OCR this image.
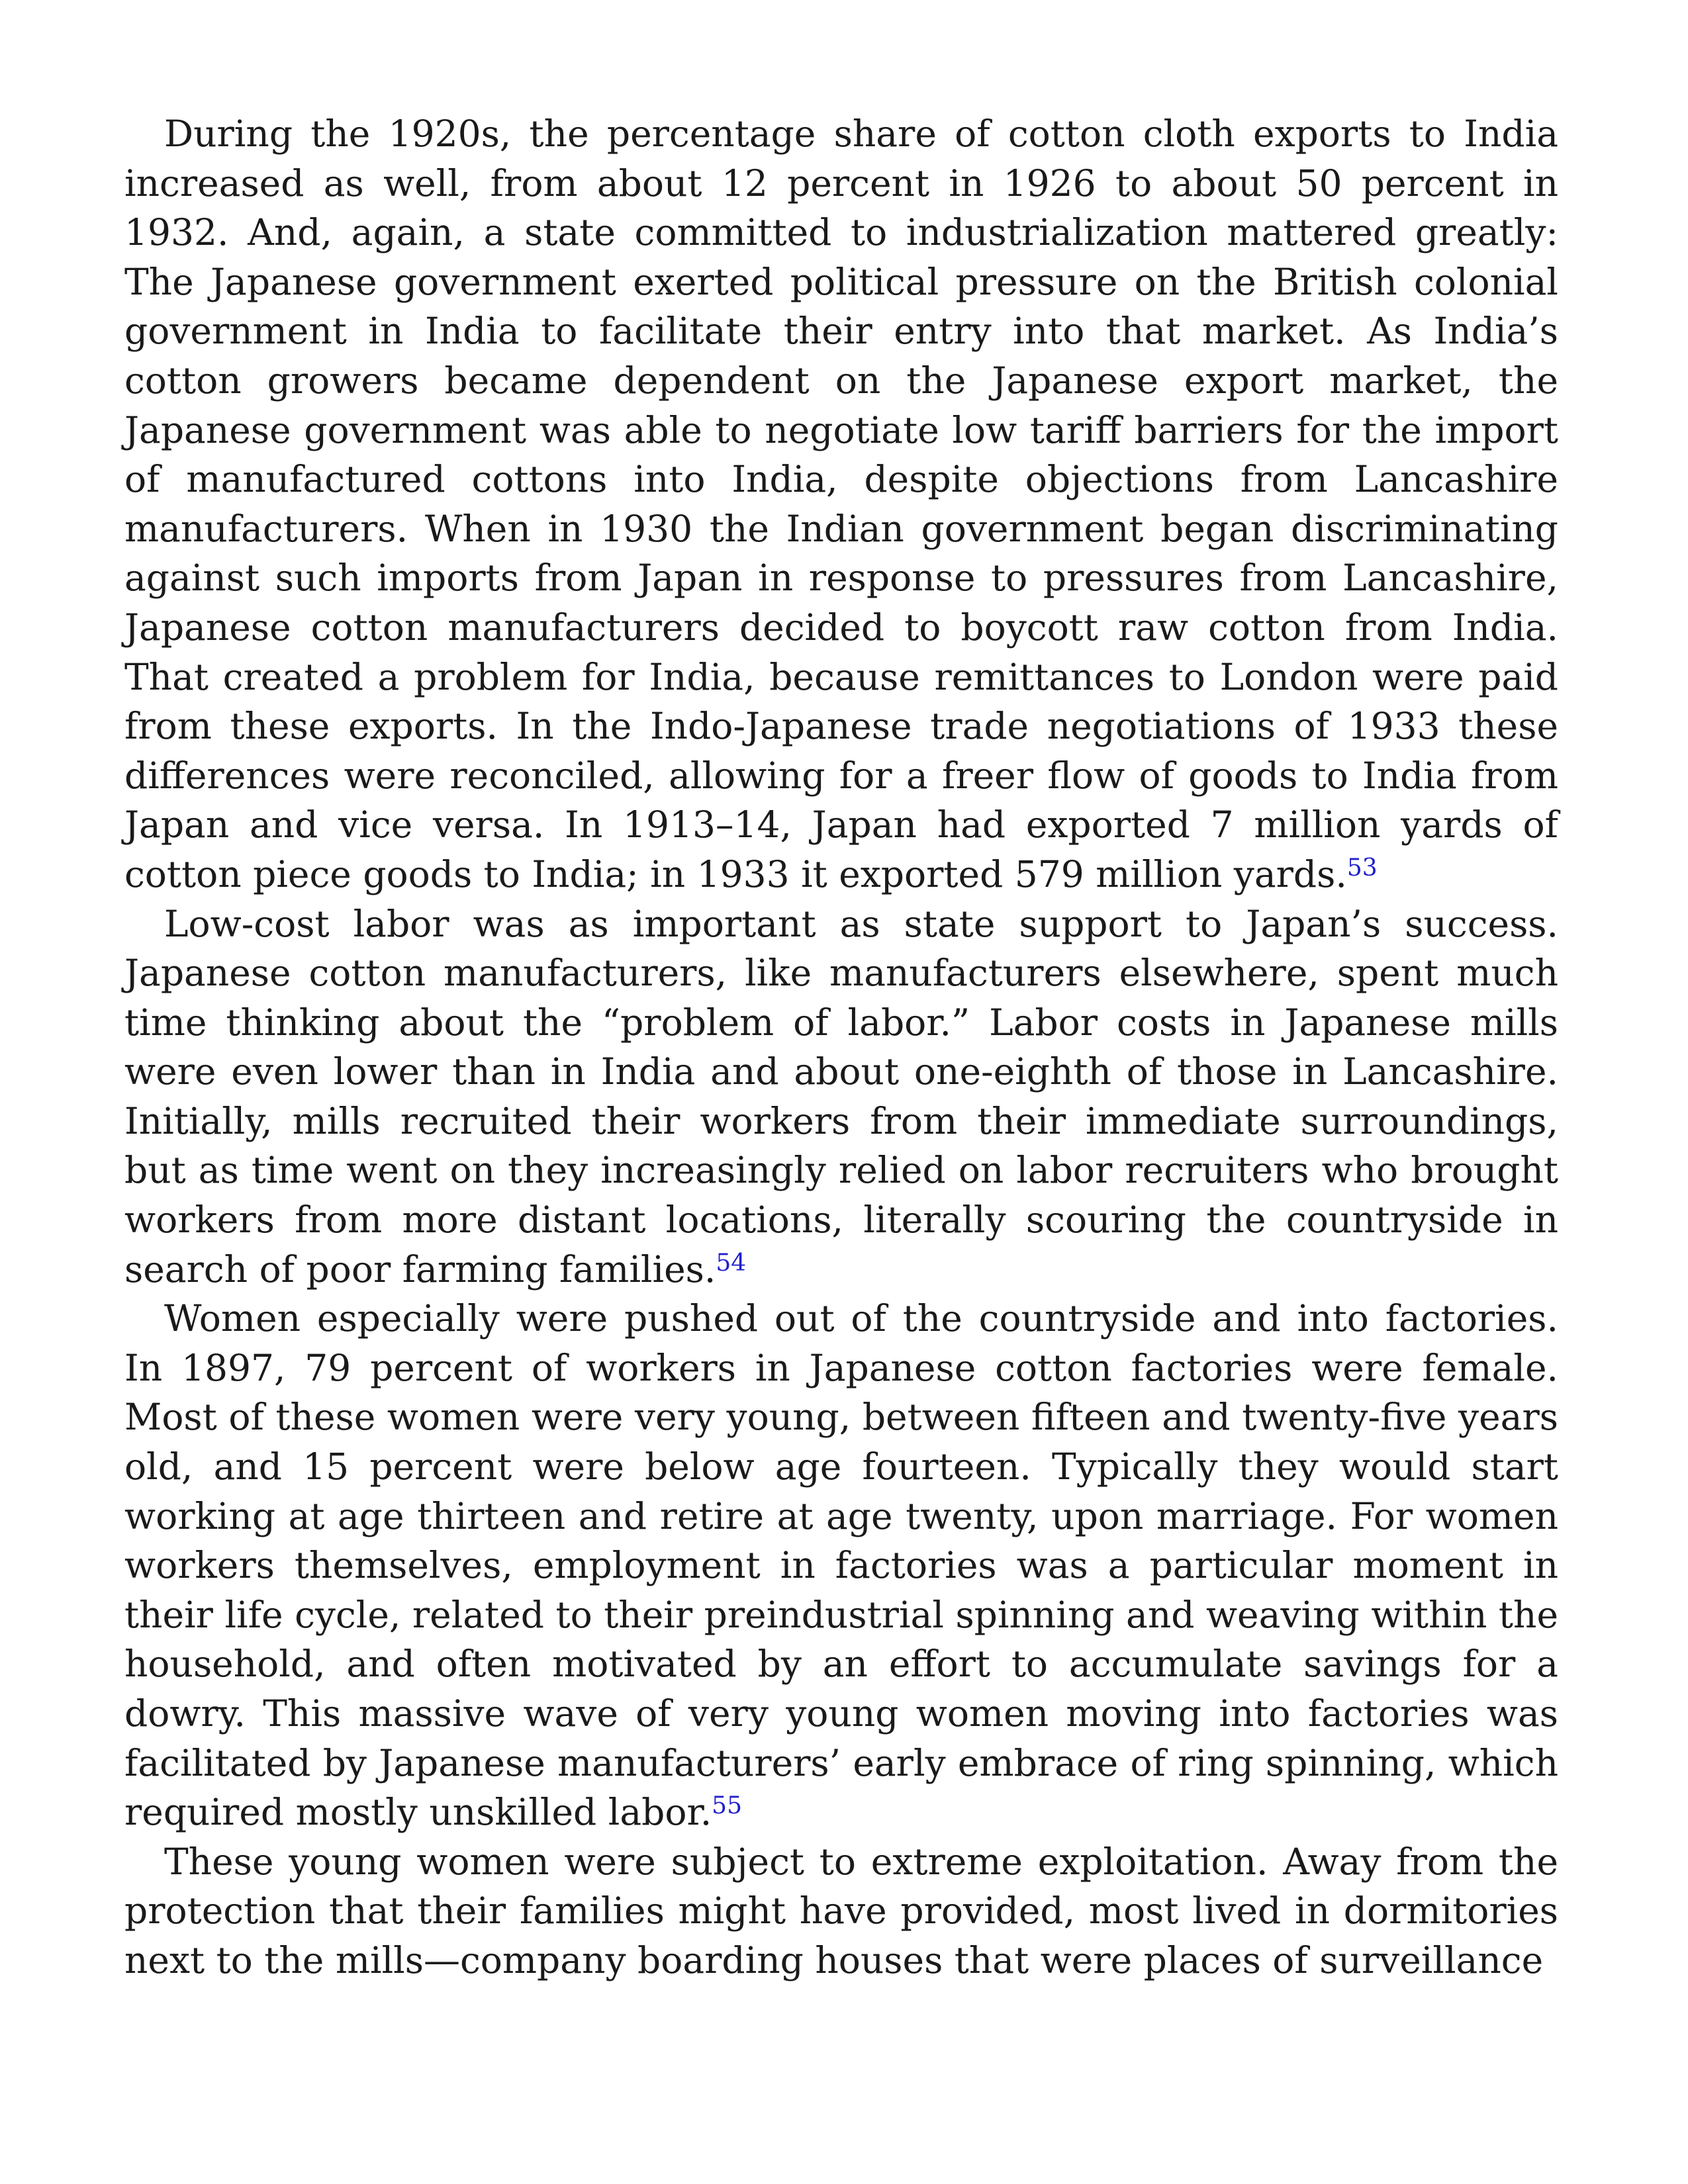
During the 1920s, the percentage share of cotton cloth exports to India increased as well, from about 12 percent in 1926 to about 50 percent in 1932. And, again, a state committed to industrialization mattered greatly: The Japanese government exerted political pressure on the British colonial government in India to facilitate their entry into that market. As India’s cotton growers became dependent on the Japanese export market, the Japanese government was able to negotiate low tariff barriers for the import of manufactured cottons into India, despite objections from Lancashire manufacturers. When in 1930 the Indian government began discriminating against such imports from Japan in response to pressures from Lancashire, Japanese cotton manufacturers decided to boycott raw cotton from India. That created a problem for India, because remittances to London were paid from these exports. In the Indo-Japanese trade negotiations of 1933 these differences were reconciled, allowing for a freer flow of goods to India from Japan and vice versa. In 1913–14, Japan had exported 7 million yards of cotton piece goods to India; in 1933 it exported 579 million yards.$^{53}$

Low-cost labor was as important as state support to Japan’s success. Japanese cotton manufacturers, like manufacturers elsewhere, spent much time thinking about the “problem of labor.” Labor costs in Japanese mills were even lower than in India and about one-eighth of those in Lancashire. Initially, mills recruited their workers from their immediate surroundings, but as time went on they increasingly relied on labor recruiters who brought workers from more distant locations, literally scouring the countryside in search of poor farming families.$^{54}$

Women especially were pushed out of the countryside and into factories. In 1897, 79 percent of workers in Japanese cotton factories were female. Most of these women were very young, between fifteen and twenty-five years old, and 15 percent were below age fourteen. Typically they would start working at age thirteen and retire at age twenty, upon marriage. For women workers themselves, employment in factories was a particular moment in their life cycle, related to their preindustrial spinning and weaving within the household, and often motivated by an effort to accumulate savings for a dowry. This massive wave of very young women moving into factories was facilitated by Japanese manufacturers’ early embrace of ring spinning, which required mostly unskilled labor.$^{55}$

These young women were subject to extreme exploitation. Away from the protection that their families might have provided, most lived in dormitories next to the mills—company boarding houses that were places of surveillance
